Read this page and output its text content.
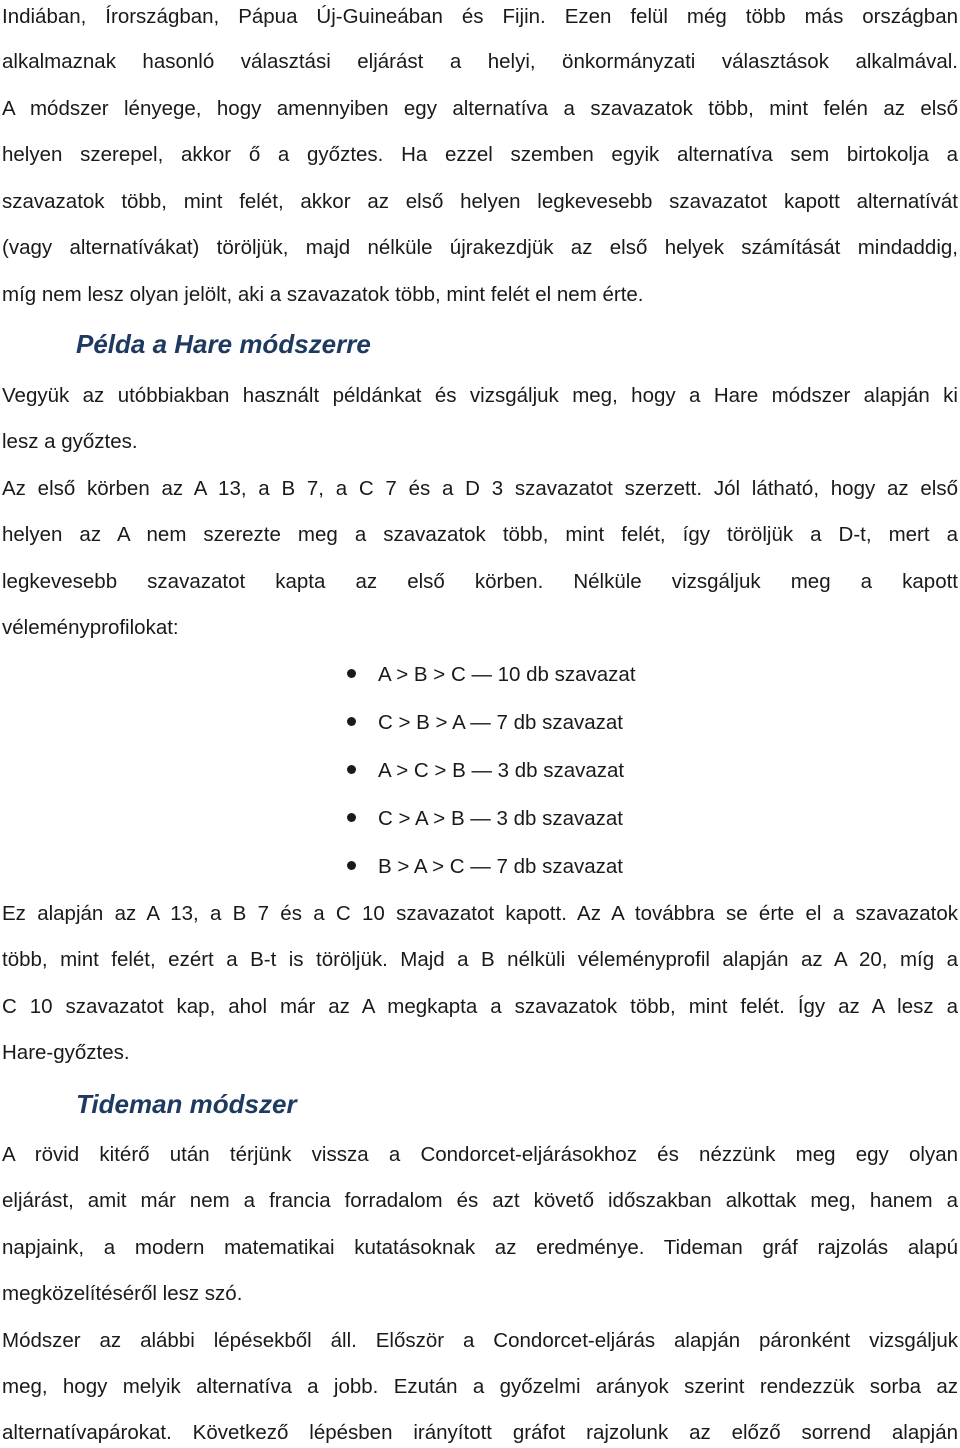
Indiában, Írországban, Pápua Új-Guineában és Fijin. Ezen felül még több más országban
alkalmaznak hasonló választási eljárást a helyi, önkormányzati választások alkalmával.
A módszer lényege, hogy amennyiben egy alternatíva a szavazatok több, mint felén az első
helyen szerepel, akkor ő a győztes. Ha ezzel szemben egyik alternatíva sem birtokolja a
szavazatok több, mint felét, akkor az első helyen legkevesebb szavazatot kapott alternatívát
(vagy alternatívákat) töröljük, majd nélküle újrakezdjük az első helyek számítását mindaddig,
míg nem lesz olyan jelölt, aki a szavazatok több, mint felét el nem érte.
Példa a Hare módszerre
Vegyük az utóbbiakban használt példánkat és vizsgáljuk meg, hogy a Hare módszer alapján ki
lesz a győztes.
Az első körben az A 13, a B 7, a C 7 és a D 3 szavazatot szerzett. Jól látható, hogy az első
helyen az A nem szerezte meg a szavazatok több, mint felét, így töröljük a D-t, mert a
legkevesebb szavazatot kapta az első körben. Nélküle vizsgáljuk meg a kapott
véleményprofilokat:
A > B > C — 10 db szavazat
C > B > A — 7 db szavazat
A > C > B — 3 db szavazat
C > A > B — 3 db szavazat
B > A > C — 7 db szavazat
Ez alapján az A 13, a B 7 és a C 10 szavazatot kapott. Az A továbbra se érte el a szavazatok
több, mint felét, ezért a B-t is töröljük. Majd a B nélküli véleményprofil alapján az A 20, míg a
C 10 szavazatot kap, ahol már az A megkapta a szavazatok több, mint felét. Így az A lesz a
Hare-győztes.
Tideman módszer
A rövid kitérő után térjünk vissza a Condorcet-eljárásokhoz és nézzünk meg egy olyan
eljárást, amit már nem a francia forradalom és azt követő időszakban alkottak meg, hanem a
napjaink, a modern matematikai kutatásoknak az eredménye. Tideman gráf rajzolás alapú
megközelítéséről lesz szó.
Módszer az alábbi lépésekből áll. Először a Condorcet-eljárás alapján páronként vizsgáljuk
meg, hogy melyik alternatíva a jobb. Ezután a győzelmi arányok szerint rendezzük sorba az
alternatívapárokat. Következő lépésben irányított gráfot rajzolunk az előző sorrend alapján
